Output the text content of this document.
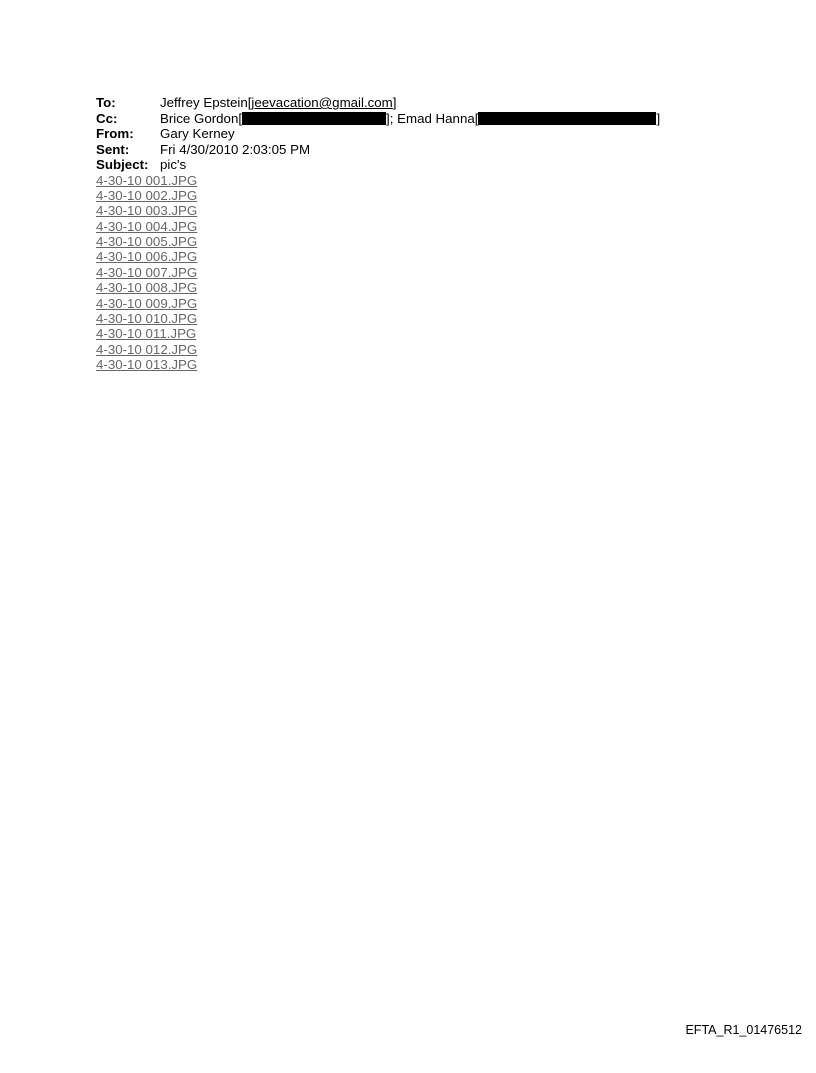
To:	Jeffrey Epstein[jeevacation@gmail.com]
Cc:	Brice Gordon[	]; Emad Hanna[	]
From:	Gary Kerney
Sent:	Fri 4/30/2010 2:03:05 PM
Subject: pic's
4-30-10 001.JPG
4-30-10 002.JPG
4-30-10 003.JPG
4-30-10 004.JPG
4-30-10 005.JPG
4-30-10 006.JPG
4-30-10 007.JPG
4-30-10 008.JPG
4-30-10 009.JPG
4-30-10 010.JPG
4-30-10 011.JPG
4-30-10 012.JPG
4-30-10 013.JPG
EFTA_R1_01476512
